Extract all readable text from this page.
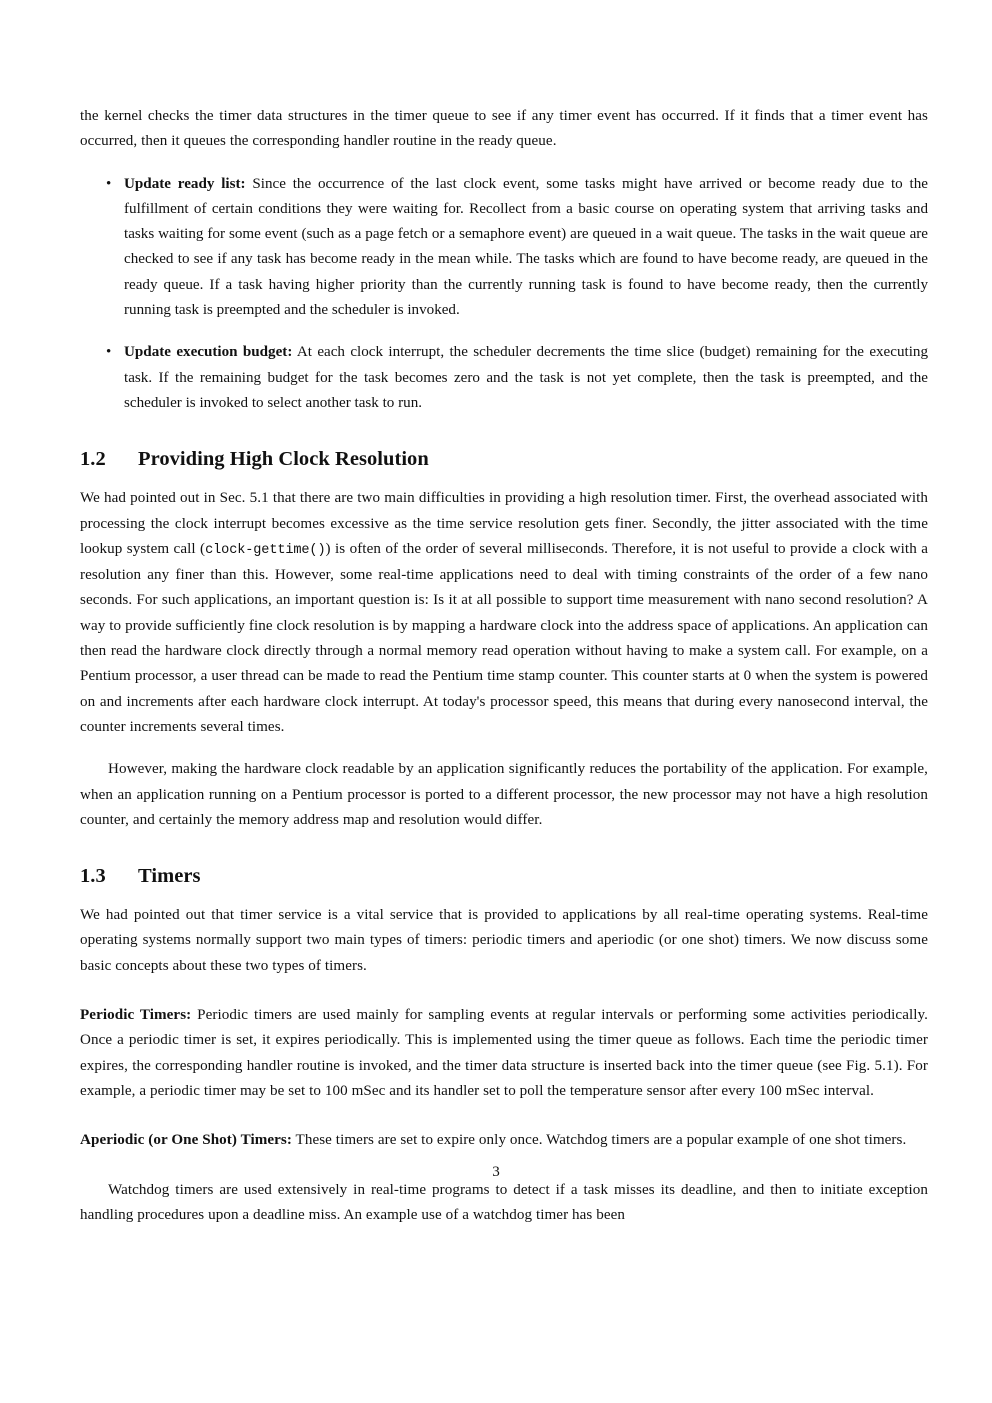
the kernel checks the timer data structures in the timer queue to see if any timer event has occurred. If it finds that a timer event has occurred, then it queues the corresponding handler routine in the ready queue.

• Update ready list: Since the occurrence of the last clock event, some tasks might have arrived or become ready due to the fulfillment of certain conditions they were waiting for. Recollect from a basic course on operating system that arriving tasks and tasks waiting for some event (such as a page fetch or a semaphore event) are queued in a wait queue. The tasks in the wait queue are checked to see if any task has become ready in the mean while. The tasks which are found to have become ready, are queued in the ready queue. If a task having higher priority than the currently running task is found to have become ready, then the currently running task is preempted and the scheduler is invoked.
• Update execution budget: At each clock interrupt, the scheduler decrements the time slice (budget) remaining for the executing task. If the remaining budget for the task becomes zero and the task is not yet complete, then the task is preempted, and the scheduler is invoked to select another task to run.
1.2	Providing High Clock Resolution

We had pointed out in Sec. 5.1 that there are two main difficulties in providing a high resolution timer. First, the overhead associated with processing the clock interrupt becomes excessive as the time service resolution gets finer. Secondly, the jitter associated with the time lookup system call (clock-gettime()) is often of the order of several milliseconds. Therefore, it is not useful to provide a clock with a resolution any finer than this. However, some real-time applications need to deal with timing constraints of the order of a few nano seconds. For such applications, an important question is: Is it at all possible to support time measurement with nano second resolution? A way to provide sufficiently fine clock resolution is by mapping a hardware clock into the address space of applications. An application can then read the hardware clock directly through a normal memory read operation without having to make a system call. For example, on a Pentium processor, a user thread can be made to read the Pentium time stamp counter. This counter starts at 0 when the system is powered on and increments after each hardware clock interrupt. At today's processor speed, this means that during every nanosecond interval, the counter increments several times.

However, making the hardware clock readable by an application significantly reduces the portability of the application. For example, when an application running on a Pentium processor is ported to a different processor, the new processor may not have a high resolution counter, and certainly the memory address map and resolution would differ.

1.3	Timers

We had pointed out that timer service is a vital service that is provided to applications by all real-time operating systems. Real-time operating systems normally support two main types of timers: periodic timers and aperiodic (or one shot) timers. We now discuss some basic concepts about these two types of timers.

Periodic Timers: Periodic timers are used mainly for sampling events at regular intervals or performing some activities periodically. Once a periodic timer is set, it expires periodically. This is implemented using the timer queue as follows. Each time the periodic timer expires, the corresponding handler routine is invoked, and the timer data structure is inserted back into the timer queue (see Fig. 5.1). For example, a periodic timer may be set to 100 mSec and its handler set to poll the temperature sensor after every 100 mSec interval.

Aperiodic (or One Shot) Timers: These timers are set to expire only once. Watchdog timers are a popular example of one shot timers.

Watchdog timers are used extensively in real-time programs to detect if a task misses its deadline, and then to initiate exception handling procedures upon a deadline miss. An example use of a watchdog timer has been

3
